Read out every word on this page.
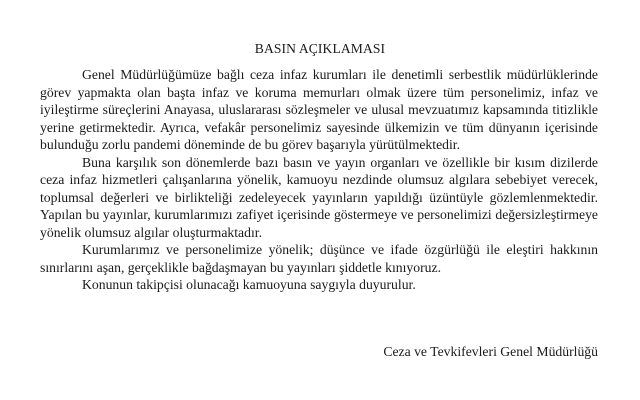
BASIN AÇIKLAMASI

Genel Müdürlüğümüze bağlı ceza infaz kurumları ile denetimli serbestlik müdürlüklerinde görev yapmakta olan başta infaz ve koruma memurları olmak üzere tüm personelimiz, infaz ve iyileştirme süreçlerini Anayasa, uluslararası sözleşmeler ve ulusal mevzuatımız kapsamında titizlikle yerine getirmektedir. Ayrıca, vefakâr personelimiz sayesinde ülkemizin ve tüm dünyanın içerisinde bulunduğu zorlu pandemi döneminde de bu görev başarıyla yürütülmektedir.

Buna karşılık son dönemlerde bazı basın ve yayın organları ve özellikle bir kısım dizilerde ceza infaz hizmetleri çalışanlarına yönelik, kamuoyu nezdinde olumsuz algılara sebebiyet verecek, toplumsal değerleri ve birlikteliği zedeleyecek yayınların yapıldığı üzüntüyle gözlemlenmektedir. Yapılan bu yayınlar, kurumlarımızı zafiyet içerisinde göstermeye ve personelimizi değersizleştirmeye yönelik olumsuz algılar oluşturmaktadır.

Kurumlarımız ve personelimize yönelik; düşünce ve ifade özgürlüğü ile eleştiri hakkının sınırlarını aşan, gerçeklikle bağdaşmayan bu yayınları şiddetle kınıyoruz.

Konunun takipçisi olunacağı kamuoyuna saygıyla duyurulur.

Ceza ve Tevkifevleri Genel Müdürlüğü
